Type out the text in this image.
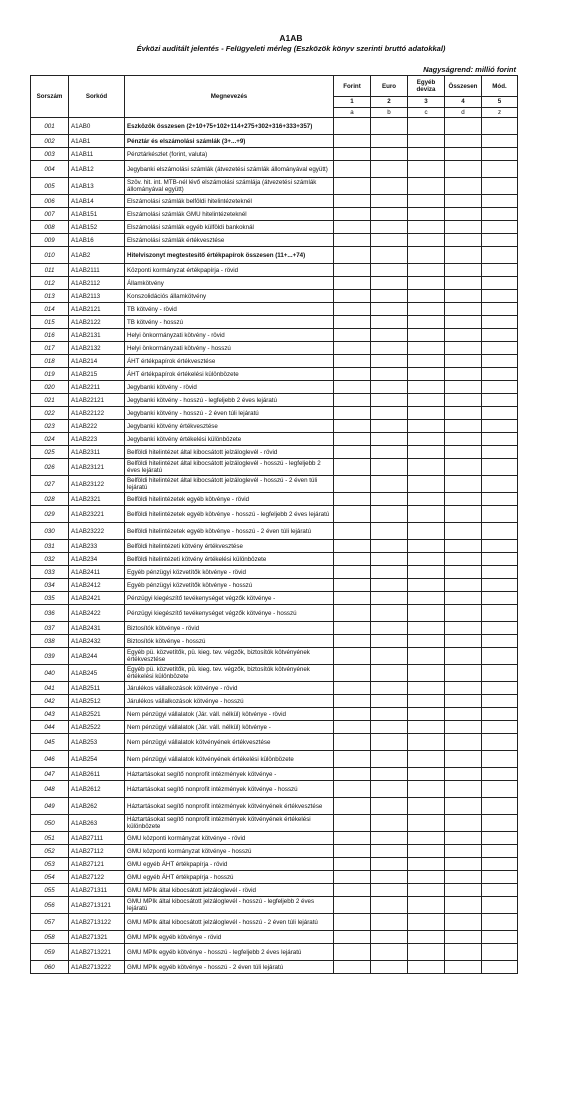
A1AB
Évközi auditált jelentés - Felügyeleti mérleg (Eszközök könyv szerinti bruttó adatokkal)
Nagyságrend: millió forint
Sorszám	Sorkód	Megnevezés	Forint	Euro	Egyéb deviza	Összesen	Mód.
			1	2	3	4	5
			a	b	c	d	z
001	A1AB0	Eszközök összesen (2+10+75+102+114+275+302+316+333+357)					
002	A1AB1	Pénztár és elszámolási számlák (3+...+9)					
003	A1AB11	Pénztárkészlet (forint, valuta)					
004	A1AB12	Jegybanki elszámolási számlák (átvezetési számlák állományával együtt)					
005	A1AB13	Szöv. hit. int. MTB-nél lévő elszámolási számlája (átvezetési számlák állományával együtt)					
006	A1AB14	Elszámolási számlák belföldi hitelintézeteknél					
007	A1AB151	Elszámolási számlák GMU hitelintézeteknél					
008	A1AB152	Elszámolási számlák egyéb külföldi bankoknál					
009	A1AB16	Elszámolási számlák értékvesztése					
010	A1AB2	Hitelviszonyt megtestesítő értékpapírok összesen (11+...+74)					
011	A1AB2111	Központi kormányzat értékpapírja - rövid					
012	A1AB2112	Államkötvény					
013	A1AB2113	Konszolidációs államkötvény					
014	A1AB2121	TB kötvény - rövid					
015	A1AB2122	TB kötvény - hosszú					
016	A1AB2131	Helyi önkormányzati kötvény - rövid					
017	A1AB2132	Helyi önkormányzati kötvény - hosszú					
018	A1AB214	ÁHT értékpapírok értékvesztése					
019	A1AB215	ÁHT értékpapírok értékelési különbözete					
020	A1AB2211	Jegybanki kötvény - rövid					
021	A1AB22121	Jegybanki kötvény - hosszú - legfeljebb 2 éves lejáratú					
022	A1AB22122	Jegybanki kötvény - hosszú - 2 éven túli lejáratú					
023	A1AB222	Jegybanki kötvény értékvesztése					
024	A1AB223	Jegybanki kötvény értékelési különbözete					
025	A1AB2311	Belföldi hitelintézet által kibocsátott jelzáloglevél - rövid					
026	A1AB23121	Belföldi hitelintézet által kibocsátott jelzáloglevél - hosszú - legfeljebb 2 éves lejáratú					
027	A1AB23122	Belföldi hitelintézet által kibocsátott jelzáloglevél - hosszú - 2 éven túli lejáratú					
028	A1AB2321	Belföldi hitelintézetek egyéb kötvénye - rövid					
029	A1AB23221	Belföldi hitelintézetek egyéb kötvénye - hosszú - legfeljebb 2 éves lejáratú					
030	A1AB23222	Belföldi hitelintézetek egyéb kötvénye - hosszú - 2 éven túli lejáratú					
031	A1AB233	Belföldi hitelintézeti kötvény értékvesztése					
032	A1AB234	Belföldi hitelintézeti kötvény értékelési különbözete					
033	A1AB2411	Egyéb pénzügyi közvetítők kötvénye - rövid					
034	A1AB2412	Egyéb pénzügyi közvetítők kötvénye - hosszú					
035	A1AB2421	Pénzügyi kiegészítő tevékenységet végzők kötvénye -					
036	A1AB2422	Pénzügyi kiegészítő tevékenységet végzők kötvénye - hosszú					
037	A1AB2431	Biztosítók kötvénye - rövid					
038	A1AB2432	Biztosítók kötvénye - hosszú					
039	A1AB244	Egyéb pü. közvetítők, pü. kieg. tev. végzők, biztosítók kötvényének értékvesztése					
040	A1AB245	Egyéb pü. közvetítők, pü. kieg. tev. végzők, biztosítók kötvényének értékelési különbözete					
041	A1AB2511	Járulékos vállalkozások kötvénye - rövid					
042	A1AB2512	Járulékos vállalkozások kötvénye - hosszú					
043	A1AB2521	Nem pénzügyi vállalatok (Jár. váll. nélkül) kötvénye - rövid					
044	A1AB2522	Nem pénzügyi vállalatok (Jár. váll. nélkül) kötvénye -					
045	A1AB253	Nem pénzügyi vállalatok kötvényének értékvesztése					
046	A1AB254	Nem pénzügyi vállalatok kötvényének értékelési különbözete					
047	A1AB2611	Háztartásokat segítő nonprofit intézmények kötvénye -					
048	A1AB2612	Háztartásokat segítő nonprofit intézmények kötvénye - hosszú					
049	A1AB262	Háztartásokat segítő nonprofit intézmények kötvényének értékvesztése					
050	A1AB263	Háztartásokat segítő nonprofit intézmények kötvényének értékelési különbözete					
051	A1AB27111	GMU központi kormányzat kötvénye - rövid					
052	A1AB27112	GMU központi kormányzat kötvénye - hosszú					
053	A1AB27121	GMU egyéb ÁHT értékpapírja - rövid					
054	A1AB27122	GMU egyéb ÁHT értékpapírja - hosszú					
055	A1AB271311	GMU MPIk által kibocsátott jelzáloglevél - rövid					
056	A1AB2713121	GMU MPIk által kibocsátott jelzáloglevél - hosszú - legfeljebb 2 éves lejáratú					
057	A1AB2713122	GMU MPIk által kibocsátott jelzáloglevél - hosszú - 2 éven túli lejáratú					
058	A1AB271321	GMU MPIk egyéb kötvénye - rövid					
059	A1AB2713221	GMU MPIk egyéb kötvénye - hosszú - legfeljebb 2 éves lejáratú					
060	A1AB2713222	GMU MPIk egyéb kötvénye - hosszú - 2 éven túli lejáratú					
